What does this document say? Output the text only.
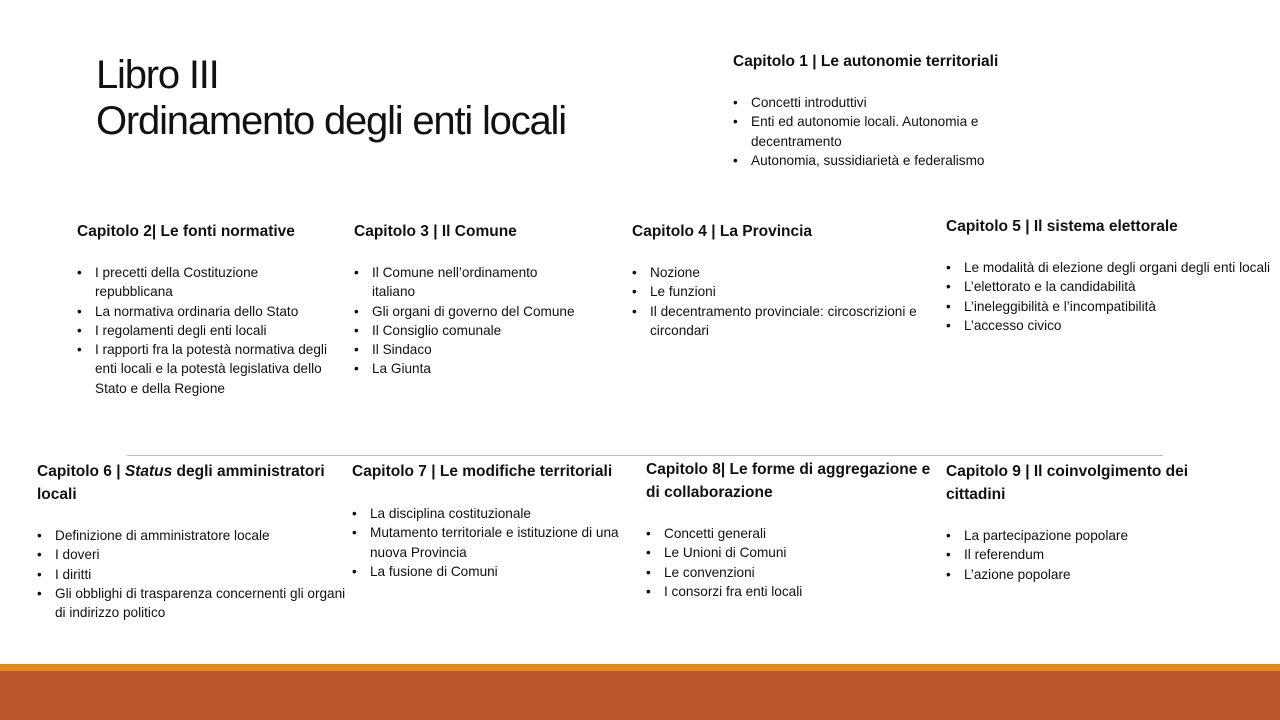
Libro III
Ordinamento degli enti locali
Capitolo 1 | Le autonomie territoriali
• Concetti introduttivi
• Enti ed autonomie locali. Autonomia e decentramento
• Autonomia, sussidiarietà e federalismo
Capitolo 2| Le fonti normative
• I precetti della Costituzione repubblicana
• La normativa ordinaria dello Stato
• I regolamenti degli enti locali
• I rapporti fra la potestà normativa degli enti locali e la potestà legislativa dello Stato e della Regione
Capitolo 3 | Il Comune
• Il Comune nell’ordinamento italiano
• Gli organi di governo del Comune
• Il Consiglio comunale
• Il Sindaco
• La Giunta
Capitolo 4 | La Provincia
• Nozione
• Le funzioni
• Il decentramento provinciale: circoscrizioni e circondari
Capitolo 5 | Il sistema elettorale
• Le modalità di elezione degli organi degli enti locali
• L’elettorato e la candidabilità
• L’ineleggibilità e l’incompatibilità
• L’accesso civico
Capitolo 6 | Status degli amministratori locali
• Definizione di amministratore locale
• I doveri
• I diritti
• Gli obblighi di trasparenza concernenti gli organi di indirizzo politico
Capitolo 7 | Le modifiche territoriali
• La disciplina costituzionale
• Mutamento territoriale e istituzione di una nuova Provincia
• La fusione di Comuni
Capitolo 8| Le forme di aggregazione e di collaborazione
• Concetti generali
• Le Unioni di Comuni
• Le convenzioni
• I consorzi fra enti locali
Capitolo 9 | Il coinvolgimento dei cittadini
• La partecipazione popolare
• Il referendum
• L’azione popolare
